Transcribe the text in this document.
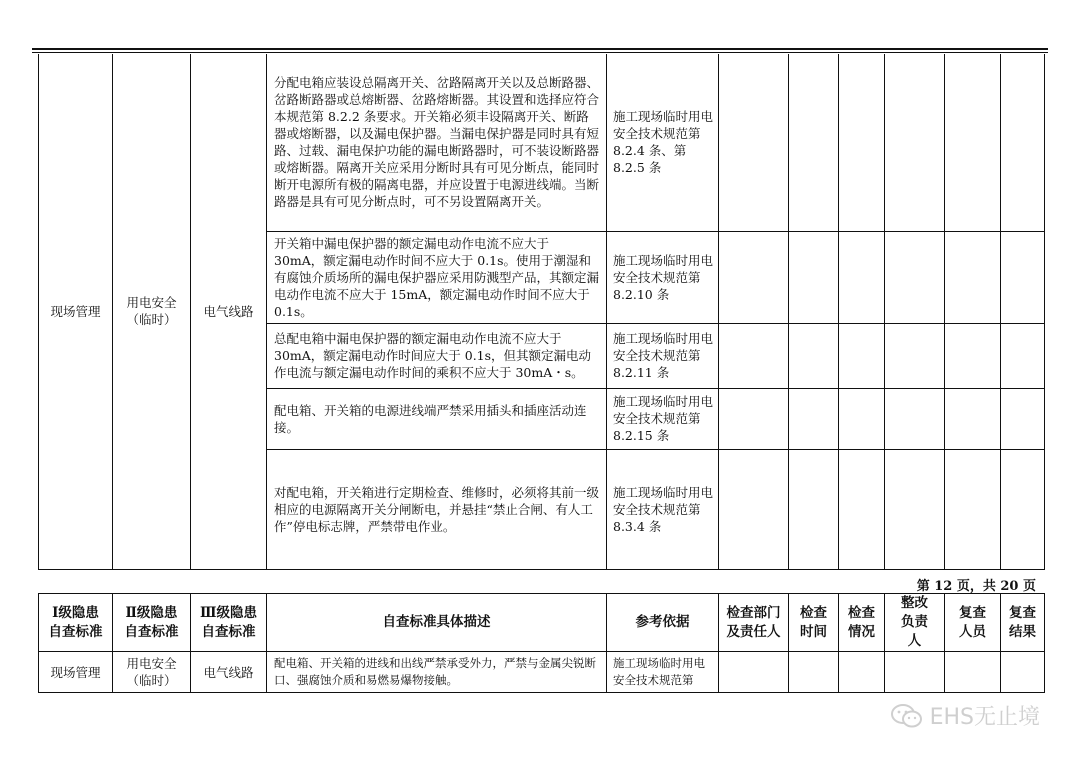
现场管理	用电安全（临时）	电气线路	分配电箱应装设总隔离开关、岔路隔离开关以及总断路器、岔路断路器或总熔断器、岔路熔断器。其设置和选择应符合本规范第 8.2.2 条要求。开关箱必须丰设隔离开关、断路器或熔断器，以及漏电保护器。当漏电保护器是同时具有短路、过载、漏电保护功能的漏电断路器时，可不装设断路器或熔断器。隔离开关应采用分断时具有可见分断点，能同时断开电源所有极的隔离电器，并应设置于电源进线端。当断路器是具有可见分断点时，可不另设置隔离开关。	施工现场临时用电安全技术规范第 8.2.4 条、第 8.2.5 条						
			开关箱中漏电保护器的额定漏电动作电流不应大于 30mA，额定漏电动作时间不应大于 0.1s。使用于潮湿和有腐蚀介质场所的漏电保护器应采用防溅型产品，其额定漏电动作电流不应大于 15mA，额定漏电动作时间不应大于 0.1s。	施工现场临时用电安全技术规范第 8.2.10 条						
			总配电箱中漏电保护器的额定漏电动作电流不应大于 30mA，额定漏电动作时间应大于 0.1s，但其额定漏电动作电流与额定漏电动作时间的乘积不应大于 30mA・s。	施工现场临时用电安全技术规范第 8.2.11 条						
			配电箱、开关箱的电源进线端严禁采用插头和插座活动连接。	施工现场临时用电安全技术规范第 8.2.15 条						
			对配电箱，开关箱进行定期检查、维修时，必须将其前一级相应的电源隔离开关分闸断电，并悬挂“禁止合闸、有人工作”停电标志牌，严禁带电作业。	施工现场临时用电安全技术规范第 8.3.4 条						
第 12 页，共 20 页
Ⅰ级隐患自查标准	Ⅱ级隐患自查标准	Ⅲ级隐患自查标准	自查标准具体描述	参考依据	检查部门及责任人	检查时间	检查情况	整改负责人	复查人员	复查结果
现场管理	用电安全（临时）	电气线路	配电箱、开关箱的进线和出线严禁承受外力，严禁与金属尖锐断口、强腐蚀介质和易燃易爆物接触。	施工现场临时用电安全技术规范第						
EHS无止境
